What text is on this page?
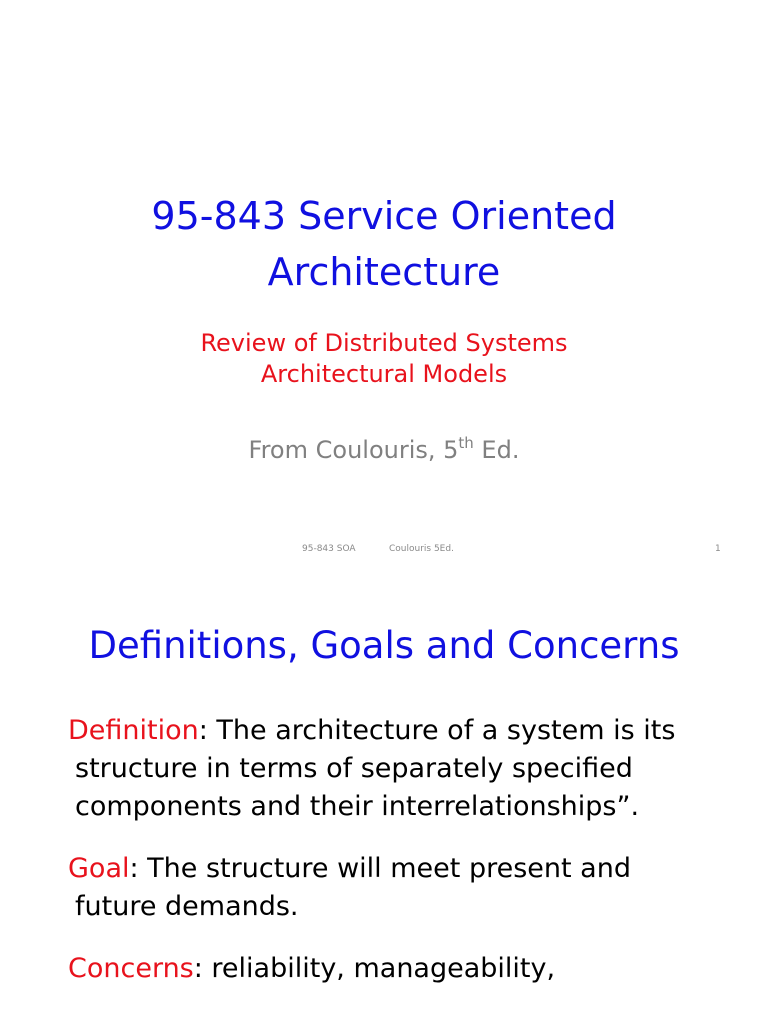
95-843 Service Oriented
Architecture
Review of Distributed Systems
Architectural Models
From Coulouris, 5th Ed.
95-843 SOA	Coulouris 5Ed.	1
Definitions, Goals and Concerns
Definition: The architecture of a system is its
structure in terms of separately specified
components and their interrelationships”.
Goal: The structure will meet present and
future demands.
Concerns: reliability, manageability,
